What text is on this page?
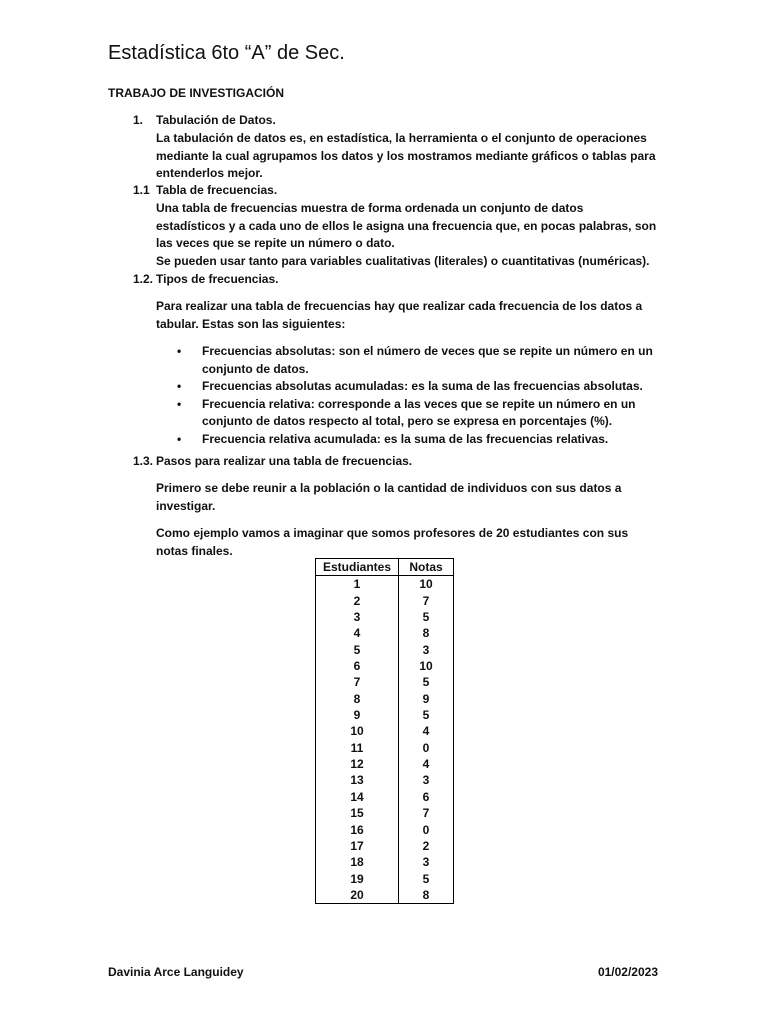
Estadística 6to “A” de Sec.
TRABAJO DE INVESTIGACIÓN
1. Tabulación de Datos.
La tabulación de datos es, en estadística, la herramienta o el conjunto de operaciones
mediante la cual agrupamos los datos y los mostramos mediante gráficos o tablas para
entenderlos mejor.
1.1 Tabla de frecuencias.
Una tabla de frecuencias muestra de forma ordenada un conjunto de datos
estadísticos y a cada uno de ellos le asigna una frecuencia que, en pocas palabras, son
las veces que se repite un número o dato.
Se pueden usar tanto para variables cualitativas (literales) o cuantitativas (numéricas).
1.2. Tipos de frecuencias.
Para realizar una tabla de frecuencias hay que realizar cada frecuencia de los datos a
tabular. Estas son las siguientes:
• Frecuencias absolutas: son el número de veces que se repite un número en un
conjunto de datos.
• Frecuencias absolutas acumuladas: es la suma de las frecuencias absolutas.
• Frecuencia relativa: corresponde a las veces que se repite un número en un
conjunto de datos respecto al total, pero se expresa en porcentajes (%).
• Frecuencia relativa acumulada: es la suma de las frecuencias relativas.
1.3. Pasos para realizar una tabla de frecuencias.
Primero se debe reunir a la población o la cantidad de individuos con sus datos a
investigar.
Como ejemplo vamos a imaginar que somos profesores de 20 estudiantes con sus
notas finales.
Estudiantes	Notas
1	10
2	7
3	5
4	8
5	3
6	10
7	5
8	9
9	5
10	4
11	0
12	4
13	3
14	6
15	7
16	0
17	2
18	3
19	5
20	8
Davinia Arce Languidey	01/02/2023
